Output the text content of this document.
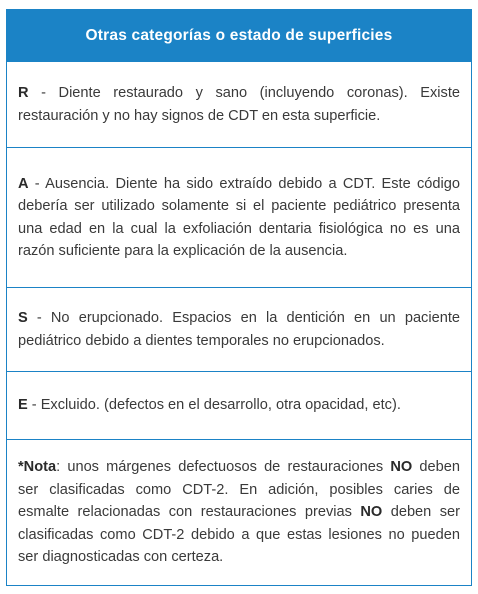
Otras categorías o estado de superficies

R - Diente restaurado y sano (incluyendo coronas). Existe restauración y no hay signos de CDT en esta superficie.

A - Ausencia. Diente ha sido extraído debido a CDT. Este código debería ser utilizado solamente si el paciente pediátrico presenta una edad en la cual la exfoliación dentaria fisiológica no es una razón suficiente para la explicación de la ausencia.

S - No erupcionado. Espacios en la dentición en un paciente pediátrico debido a dientes temporales no erupcionados.

E - Excluido. (defectos en el desarrollo, otra opacidad, etc).

*Nota: unos márgenes defectuosos de restauraciones NO deben ser clasificadas como CDT-2. En adición, posibles caries de esmalte relacionadas con restauraciones previas NO deben ser clasificadas como CDT-2 debido a que estas lesiones no pueden ser diagnosticadas con certeza.
